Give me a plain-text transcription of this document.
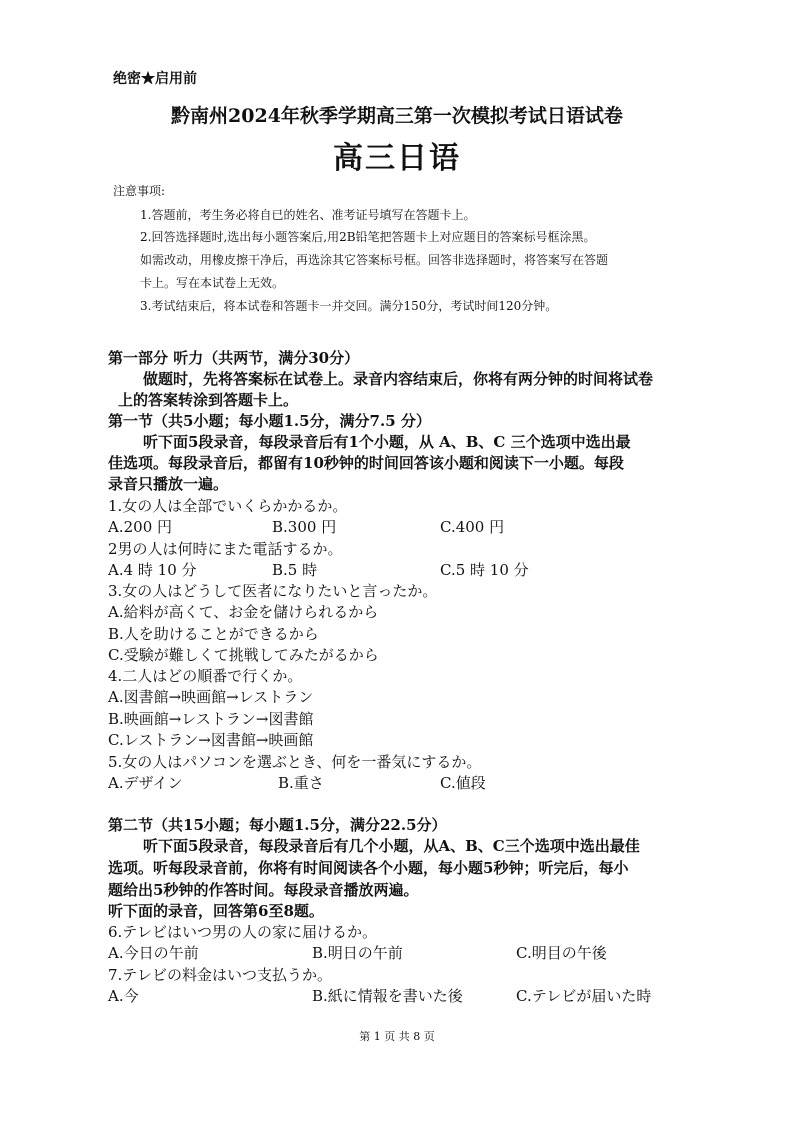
绝密★启用前
黔南州2024年秋季学期高三第一次模拟考试日语试卷
高三日语
注意事项:
1.答题前，考生务必将自已的姓名、准考证号填写在答题卡上。
2.回答选择题时,选出每小题答案后,用2B铅笔把答题卡上对应题目的答案标号框涂黑。
如需改动，用橡皮擦干净后，再选涂其它答案标号框。回答非选择题时，将答案写在答题
卡上。写在本试卷上无效。
3.考试结束后，将本试卷和答题卡一并交回。满分150分，考试时间120分钟。
第一部分 听力（共两节，满分30分）
做题时，先将答案标在试卷上。录音内容结束后，你将有两分钟的时间将试卷
上的答案转涂到答题卡上。
第一节（共5小题；每小题1.5分，满分7.5 分）
听下面5段录音，每段录音后有1个小题，从 A、B、C 三个选项中选出最
佳选项。每段录音后，都留有10秒钟的时间回答该小题和阅读下一小题。每段
录音只播放一遍。
1.女の人は全部でいくらかかるか。
A.200 円	B.300 円	C.400 円
2男の人は何時にまた電話するか。
A.4 時 10 分	B.5 時	C.5 時 10 分
3.女の人はどうして医者になりたいと言ったか。
A.給料が高くて、お金を儲けられるから
B.人を助けることができるから
C.受験が難しくて挑戦してみたがるから
4.二人はどの順番で行くか。
A.図書館→映画館→レストラン
B.映画館→レストラン→図書館
C.レストラン→図書館→映画館
5.女の人はパソコンを選ぶとき、何を一番気にするか。
A.デザイン	B.重さ	C.値段
第二节（共15小题；每小题1.5分，满分22.5分）
听下面5段录音，每段录音后有几个小题，从A、B、C三个选项中选出最佳
选项。听每段录音前，你将有时间阅读各个小题，每小题5秒钟；听完后，每小
题给出5秒钟的作答时间。每段录音播放两遍。
听下面的录音，回答第6至8题。
6.テレビはいつ男の人の家に届けるか。
A.今日の午前	B.明日の午前	C.明目の午後
7.テレビの料金はいつ支払うか。
A.今	B.紙に情報を書いた後	C.テレビが届いた時
第 1 页 共 8 页
